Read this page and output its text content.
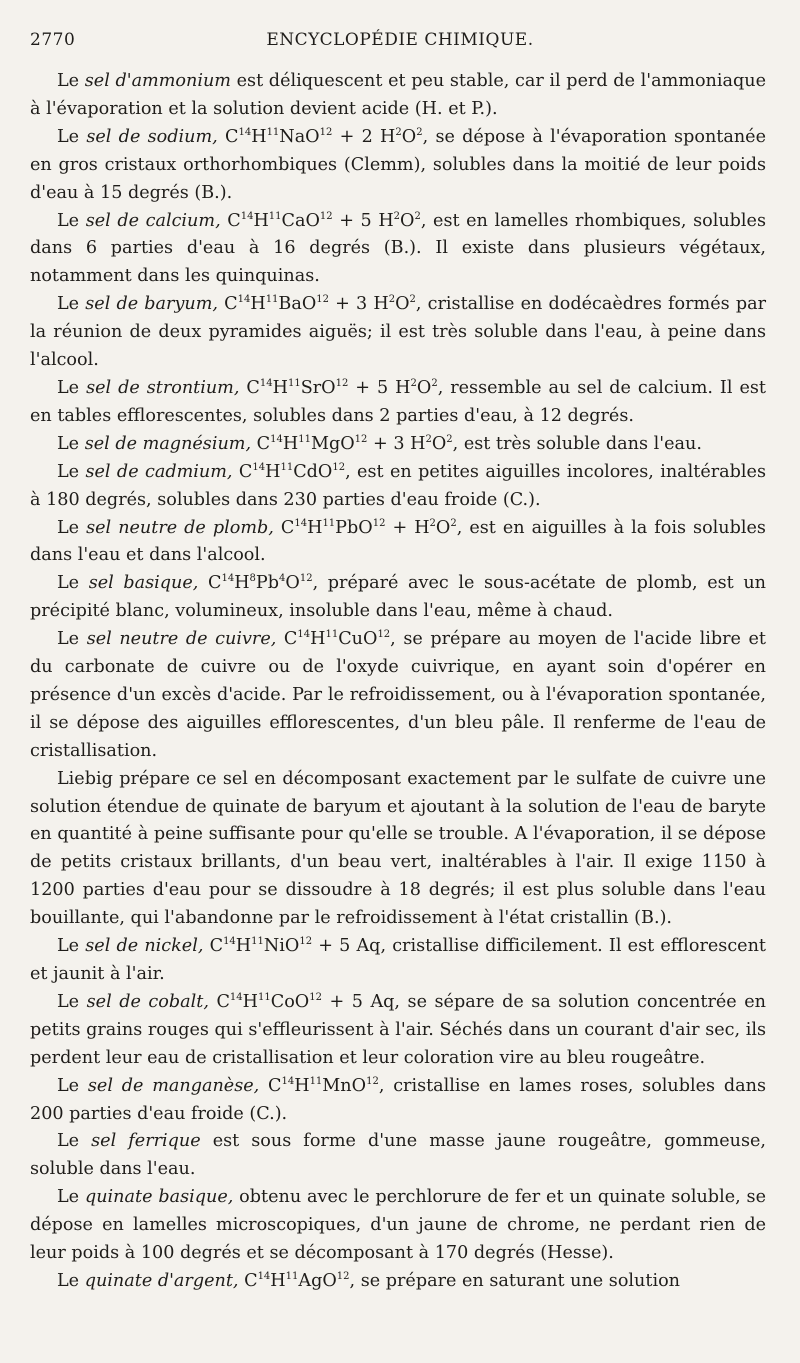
2770	ENCYCLOPÉDIE CHIMIQUE.

Le sel d'ammonium est déliquescent et peu stable, car il perd de l'ammoniaque à l'évaporation et la solution devient acide (H. et P.).

Le sel de sodium, $C^{14}H^{11}NaO^{12} + 2$ $H^2O^2$, se dépose à l'évaporation spontanée en gros cristaux orthorhombiques (Clemm), solubles dans la moitié de leur poids d'eau à 15 degrés (B.).

Le sel de calcium, $C^{14}H^{11}CaO^{12} + 5$ $H^2O^2$, est en lamelles rhombiques, solubles dans 6 parties d'eau à 16 degrés (B.). Il existe dans plusieurs végétaux, notamment dans les quinquinas.

Le sel de baryum, $C^{14}H^{11}BaO^{12} + 3$ $H^2O^2$, cristallise en dodécaèdres formés par la réunion de deux pyramides aiguës; il est très soluble dans l'eau, à peine dans l'alcool.

Le sel de strontium, $C^{14}H^{11}SrO^{12} + 5$ $H^2O^2$, ressemble au sel de calcium. Il est en tables efflorescentes, solubles dans 2 parties d'eau, à 12 degrés.

Le sel de magnésium, $C^{14}H^{11}MgO^{12} + 3$ $H^2O^2$, est très soluble dans l'eau.

Le sel de cadmium, $C^{14}H^{11}CdO^{12}$, est en petites aiguilles incolores, inaltérables à 180 degrés, solubles dans 230 parties d'eau froide (C.).

Le sel neutre de plomb, $C^{14}H^{11}PbO^{12} + H^2O^2$, est en aiguilles à la fois solubles dans l'eau et dans l'alcool.

Le sel basique, $C^{14}H^8Pb^4O^{12}$, préparé avec le sous-acétate de plomb, est un précipité blanc, volumineux, insoluble dans l'eau, même à chaud.

Le sel neutre de cuivre, $C^{14}H^{11}CuO^{12}$, se prépare au moyen de l'acide libre et du carbonate de cuivre ou de l'oxyde cuivrique, en ayant soin d'opérer en présence d'un excès d'acide. Par le refroidissement, ou à l'évaporation spontanée, il se dépose des aiguilles efflorescentes, d'un bleu pâle. Il renferme de l'eau de cristallisation.

Liebig prépare ce sel en décomposant exactement par le sulfate de cuivre une solution étendue de quinate de baryum et ajoutant à la solution de l'eau de baryte en quantité à peine suffisante pour qu'elle se trouble. A l'évaporation, il se dépose de petits cristaux brillants, d'un beau vert, inaltérables à l'air. Il exige 1150 à 1200 parties d'eau pour se dissoudre à 18 degrés; il est plus soluble dans l'eau bouillante, qui l'abandonne par le refroidissement à l'état cristallin (B.).

Le sel de nickel, $C^{14}H^{11}NiO^{12} + 5$ Aq, cristallise difficilement. Il est efflorescent et jaunit à l'air.

Le sel de cobalt, $C^{14}H^{11}CoO^{12} + 5$ Aq, se sépare de sa solution concentrée en petits grains rouges qui s'effleurissent à l'air. Séchés dans un courant d'air sec, ils perdent leur eau de cristallisation et leur coloration vire au bleu rougeâtre.

Le sel de manganèse, $C^{14}H^{11}MnO^{12}$, cristallise en lames roses, solubles dans 200 parties d'eau froide (C.).

Le sel ferrique est sous forme d'une masse jaune rougeâtre, gommeuse, soluble dans l'eau.

Le quinate basique, obtenu avec le perchlorure de fer et un quinate soluble, se dépose en lamelles microscopiques, d'un jaune de chrome, ne perdant rien de leur poids à 100 degrés et se décomposant à 170 degrés (Hesse).

Le quinate d'argent, $C^{14}H^{11}AgO^{12}$, se prépare en saturant une solution
